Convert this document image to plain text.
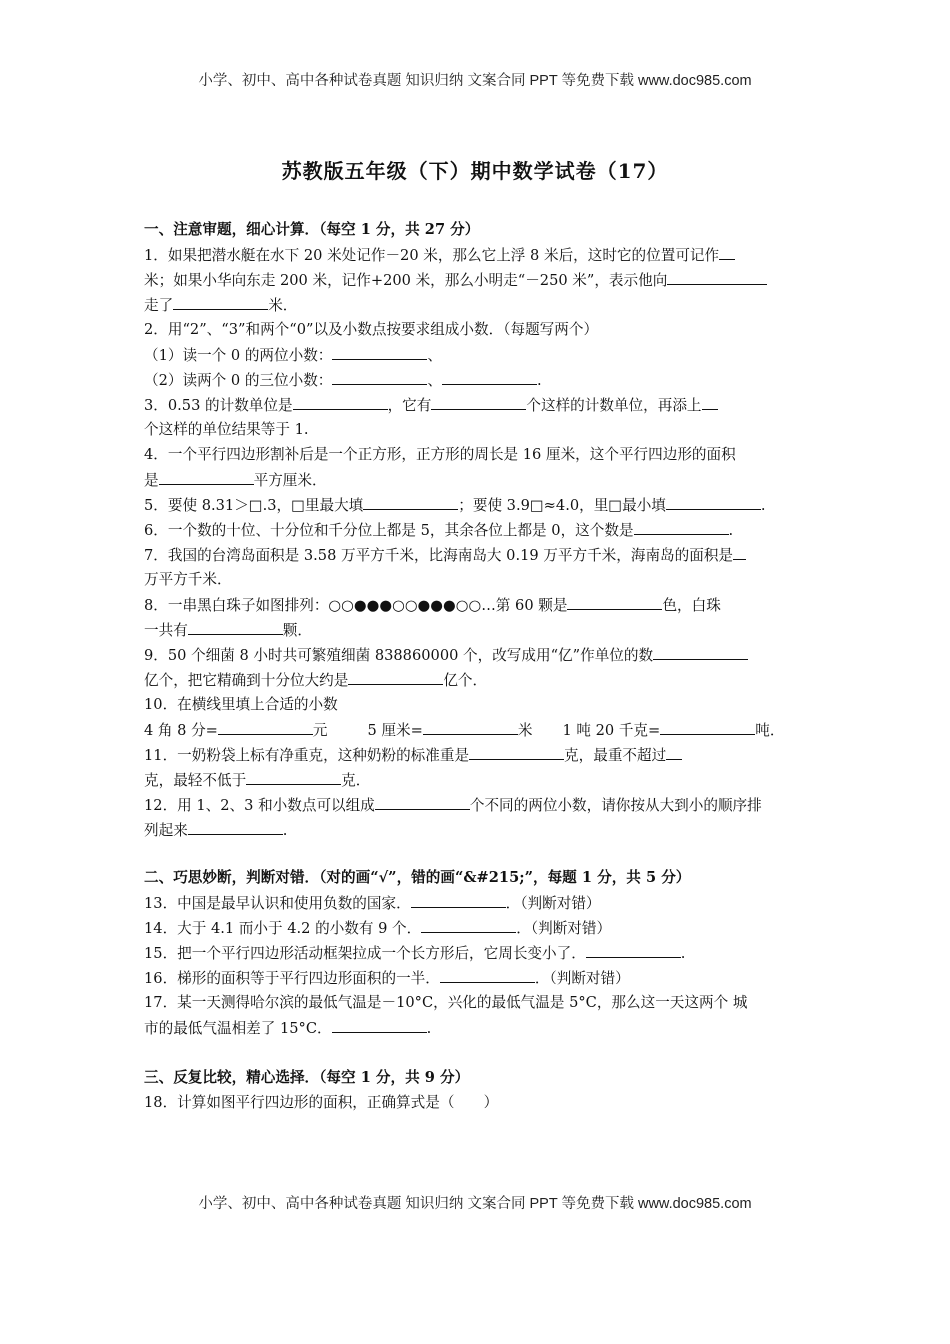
小学、初中、高中各种试卷真题 知识归纳 文案合同 PPT 等免费下载 www.doc985.com
苏教版五年级（下）期中数学试卷（17）
一、注意审题，细心计算．（每空 1 分，共 27 分）
1．如果把潜水艇在水下 20 米处记作－20 米，那么它上浮 8 米后，这时它的位置可记作
米；如果小华向东走 200 米，记作+200 米，那么小明走“－250 米”，表示他向
走了	米．
2．用“2”、“3”和两个“0”以及小数点按要求组成小数．（每题写两个）
（1）读一个 0 的两位小数：	、
（2）读两个 0 的三位小数：	、	.
3．0.53 的计数单位是	，它有	个这样的计数单位，再添上
个这样的单位结果等于 1.
4．一个平行四边形割补后是一个正方形，正方形的周长是 16 厘米，这个平行四边形的面积
是	平方厘米．
5．要使 8.31＞□.3，□里最大填	；要使 3.9□≈4.0，里□最小填	.
6．一个数的十位、十分位和千分位上都是 5，其余各位上都是 0，这个数是	.
7．我国的台湾岛面积是 3.58 万平方千米，比海南岛大 0.19 万平方千米，海南岛的面积是
万平方千米．
8．一串黑白珠子如图排列：○○●●●○○●●●○○…第 60 颗是	色，白珠
一共有	颗．
9．50 个细菌 8 小时共可繁殖细菌 838860000 个，改写成用“亿”作单位的数
亿个，把它精确到十分位大约是	亿个．
10．在横线里填上合适的小数
4 角 8 分=	元	5 厘米=	米 1 吨 20 千克=	吨．
11．一奶粉袋上标有净重克，这种奶粉的标准重是	克，最重不超过
克，最轻不低于	克．
12．用 1、2、3 和小数点可以组成	个不同的两位小数，请你按从大到小的顺序排
列起来	.
二、巧思妙断，判断对错．（对的画“√”，错的画“&#215;”，每题 1 分，共 5 分）
13．中国是最早认识和使用负数的国家．	．（判断对错）
14．大于 4.1 而小于 4.2 的小数有 9 个．	．（判断对错）
15．把一个平行四边形活动框架拉成一个长方形后，它周长变小了．	.
16．梯形的面积等于平行四边形面积的一半．	．（判断对错）
17．某一天测得哈尔滨的最低气温是－10°C，兴化的最低气温是 5°C，那么这一天这两个 城
市的最低气温相差了 15°C．	.
三、反复比较，精心选择．（每空 1 分，共 9 分）
18．计算如图平行四边形的面积，正确算式是（　　）
小学、初中、高中各种试卷真题 知识归纳 文案合同 PPT 等免费下载 www.doc985.com
